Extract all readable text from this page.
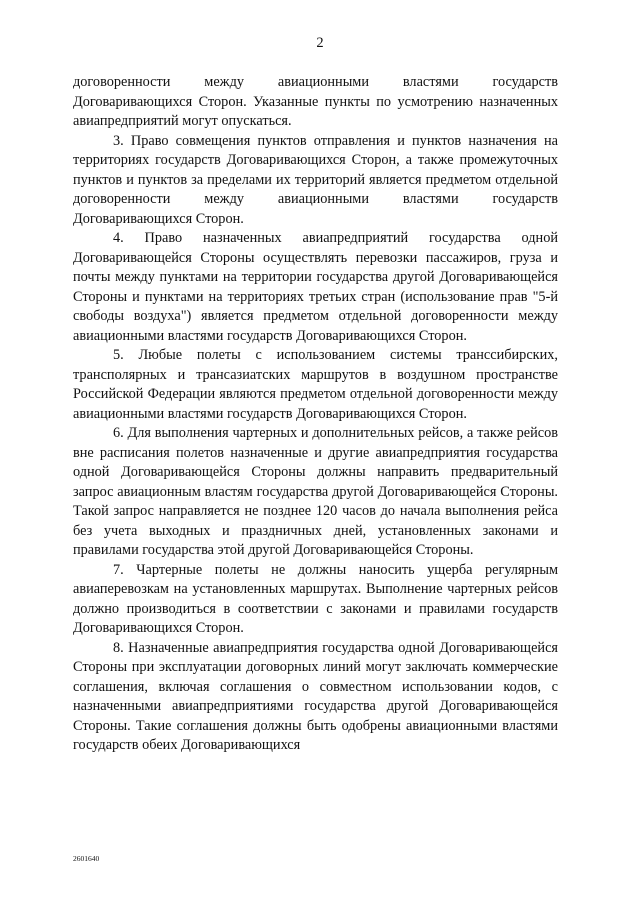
2

договоренности между авиационными властями государств Договаривающихся Сторон. Указанные пункты по усмотрению назначенных авиапредприятий могут опускаться.

3. Право совмещения пунктов отправления и пунктов назначения на территориях государств Договаривающихся Сторон, а также промежуточных пунктов и пунктов за пределами их территорий является предметом отдельной договоренности между авиационными властями государств Договаривающихся Сторон.

4. Право назначенных авиапредприятий государства одной Договаривающейся Стороны осуществлять перевозки пассажиров, груза и почты между пунктами на территории государства другой Договаривающейся Стороны и пунктами на территориях третьих стран (использование прав "5-й свободы воздуха") является предметом отдельной договоренности между авиационными властями государств Договаривающихся Сторон.

5. Любые полеты с использованием системы транссибирских, трансполярных и трансазиатских маршрутов в воздушном пространстве Российской Федерации являются предметом отдельной договоренности между авиационными властями государств Договаривающихся Сторон.

6. Для выполнения чартерных и дополнительных рейсов, а также рейсов вне расписания полетов назначенные и другие авиапредприятия государства одной Договаривающейся Стороны должны направить предварительный запрос авиационным властям государства другой Договаривающейся Стороны. Такой запрос направляется не позднее 120 часов до начала выполнения рейса без учета выходных и праздничных дней, установленных законами и правилами государства этой другой Договаривающейся Стороны.

7. Чартерные полеты не должны наносить ущерба регулярным авиаперевозкам на установленных маршрутах. Выполнение чартерных рейсов должно производиться в соответствии с законами и правилами государств Договаривающихся Сторон.

8. Назначенные авиапредприятия государства одной Договаривающейся Стороны при эксплуатации договорных линий могут заключать коммерческие соглашения, включая соглашения о совместном использовании кодов, с назначенными авиапредприятиями государства другой Договаривающейся Стороны. Такие соглашения должны быть одобрены авиационными властями государств обеих Договаривающихся

2601640
